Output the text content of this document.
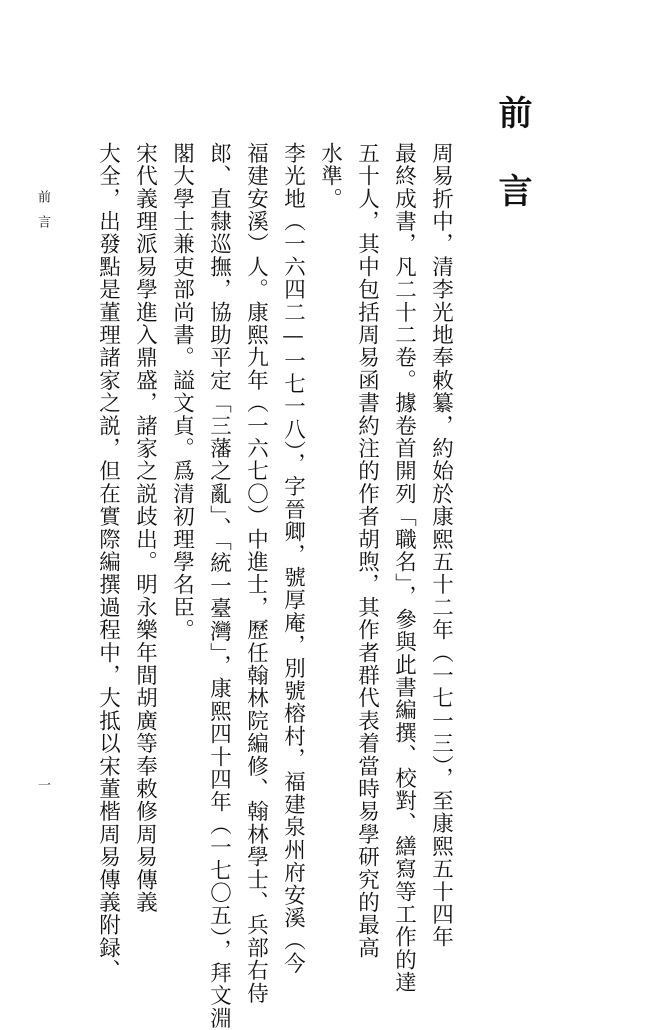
前言
周易折中，清李光地奉敕纂，約始於康熙五十二年（一七一三），至康熙五十四年
最終成書，凡二十二卷。據卷首開列「職名」，參與此書編撰、校對、繕寫等工作的達
五十人，其中包括周易函書約注的作者胡煦，其作者群代表着當時易學研究的最高
水準。
李光地（一六四二—一七一八），字晉卿，號厚庵，別號榕村，福建泉州府安溪（今
福建安溪）人。康熙九年（一六七〇）中進士，歷任翰林院編修、翰林學士、兵部右侍
郎、直隸巡撫，協助平定「三藩之亂」、「統一臺灣」，康熙四十四年（一七〇五），拜文淵
閣大學士兼吏部尚書。謚文貞。爲清初理學名臣。
宋代義理派易學進入鼎盛，諸家之説歧出。明永樂年間胡廣等奉敕修周易傳義
大全，出發點是董理諸家之説，但在實際編撰過程中，大抵以宋董楷周易傳義附録、
前言
一
